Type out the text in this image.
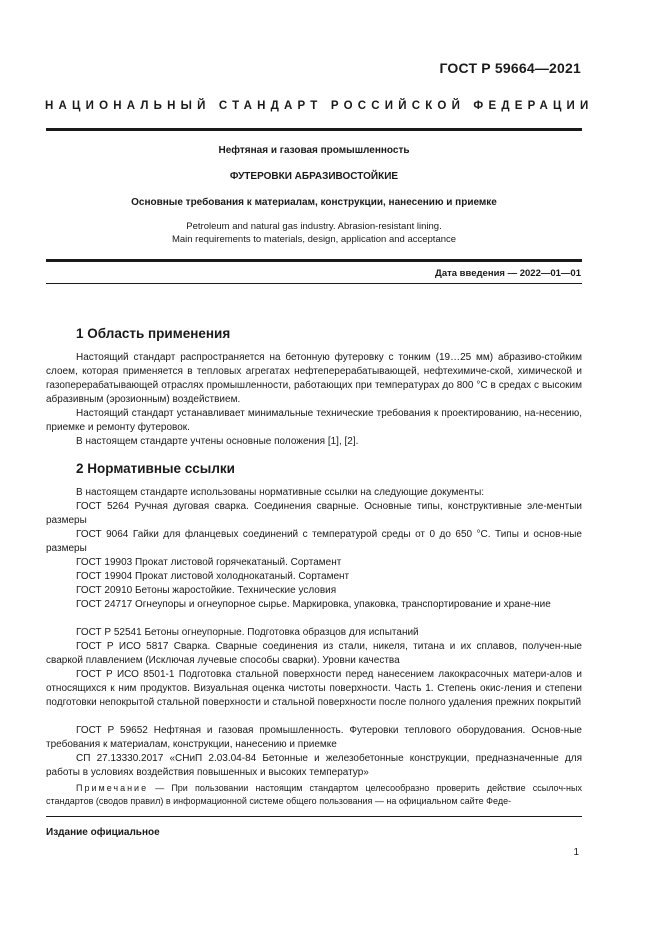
ГОСТ Р 59664—2021
НАЦИОНАЛЬНЫЙ СТАНДАРТ РОССИЙСКОЙ ФЕДЕРАЦИИ
Нефтяная и газовая промышленность
ФУТЕРОВКИ АБРАЗИВОСТОЙКИЕ
Основные требования к материалам, конструкции, нанесению и приемке
Petroleum and natural gas industry. Abrasion-resistant lining.
Main requirements to materials, design, application and acceptance
Дата введения — 2022—01—01
1 Область применения
Настоящий стандарт распространяется на бетонную футеровку с тонким (19…25 мм) абразиво-стойким слоем, которая применяется в тепловых агрегатах нефтеперерабатывающей, нефтехимиче-ской, химической и газоперерабатывающей отраслях промышленности, работающих при температурах до 800 °С в средах с высоким абразивным (эрозионным) воздействием.
Настоящий стандарт устанавливает минимальные технические требования к проектированию, на-несению, приемке и ремонту футеровок.
В настоящем стандарте учтены основные положения [1], [2].
2 Нормативные ссылки
В настоящем стандарте использованы нормативные ссылки на следующие документы:
ГОСТ 5264 Ручная дуговая сварка. Соединения сварные. Основные типы, конструктивные эле-ментыи размеры
ГОСТ 9064 Гайки для фланцевых соединений с температурой среды от 0 до 650 °С. Типы и основ-ные размеры
ГОСТ 19903 Прокат листовой горячекатаный. Сортамент
ГОСТ 19904 Прокат листовой холоднокатаный. Сортамент
ГОСТ 20910 Бетоны жаростойкие. Технические условия
ГОСТ 24717 Огнеупоры и огнеупорное сырье. Маркировка, упаковка, транспортирование и хране-ние
ГОСТ Р 52541 Бетоны огнеупорные. Подготовка образцов для испытаний
ГОСТ Р ИСО 5817 Сварка. Сварные соединения из стали, никеля, титана и их сплавов, получен-ные сваркой плавлением (Исключая лучевые способы сварки). Уровни качества
ГОСТ Р ИСО 8501-1 Подготовка стальной поверхности перед нанесением лакокрасочных матери-алов и относящихся к ним продуктов. Визуальная оценка чистоты поверхности. Часть 1. Степень окис-ления и степени подготовки непокрытой стальной поверхности и стальной поверхности после полного удаления прежних покрытий
ГОСТ Р 59652 Нефтяная и газовая промышленность. Футеровки теплового оборудования. Основ-ные требования к материалам, конструкции, нанесению и приемке
СП 27.13330.2017 «СНиП 2.03.04-84 Бетонные и железобетонные конструкции, предназначенные для работы в условиях воздействия повышенных и высоких температур»
Примечание — При пользовании настоящим стандартом целесообразно проверить действие ссылоч-ных стандартов (сводов правил) в информационной системе общего пользования — на официальном сайте Феде-
Издание официальное
1
